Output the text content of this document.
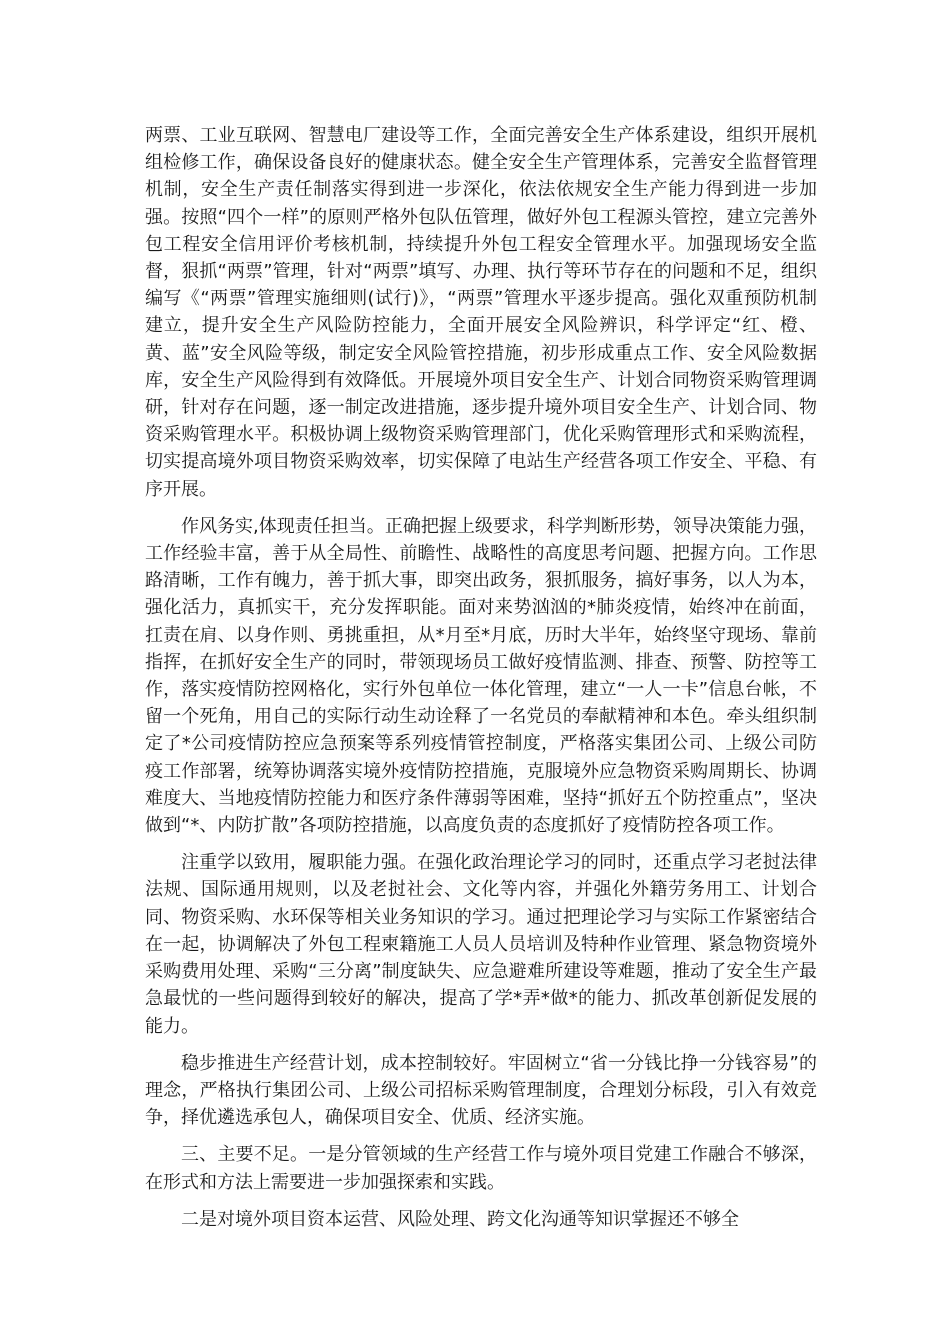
两票、工业互联网、智慧电厂建设等工作，全面完善安全生产体系建设，组织开展机组检修工作，确保设备良好的健康状态。健全安全生产管理体系，完善安全监督管理机制，安全生产责任制落实得到进一步深化，依法依规安全生产能力得到进一步加强。按照“四个一样”的原则严格外包队伍管理，做好外包工程源头管控，建立完善外包工程安全信用评价考核机制，持续提升外包工程安全管理水平。加强现场安全监督，狠抓“两票”管理，针对“两票”填写、办理、执行等环节存在的问题和不足，组织编写《“两票”管理实施细则(试行)》，“两票”管理水平逐步提高。强化双重预防机制建立，提升安全生产风险防控能力，全面开展安全风险辨识，科学评定“红、橙、黄、蓝”安全风险等级，制定安全风险管控措施，初步形成重点工作、安全风险数据库，安全生产风险得到有效降低。开展境外项目安全生产、计划合同物资采购管理调研，针对存在问题，逐一制定改进措施，逐步提升境外项目安全生产、计划合同、物资采购管理水平。积极协调上级物资采购管理部门，优化采购管理形式和采购流程，切实提高境外项目物资采购效率，切实保障了电站生产经营各项工作安全、平稳、有序开展。

作风务实,体现责任担当。正确把握上级要求，科学判断形势，领导决策能力强，工作经验丰富，善于从全局性、前瞻性、战略性的高度思考问题、把握方向。工作思路清晰，工作有魄力，善于抓大事，即突出政务，狠抓服务，搞好事务，以人为本，强化活力，真抓实干，充分发挥职能。面对来势汹汹的*肺炎疫情，始终冲在前面，扛责在肩、以身作则、勇挑重担，从*月至*月底，历时大半年，始终坚守现场、靠前指挥，在抓好安全生产的同时，带领现场员工做好疫情监测、排查、预警、防控等工作，落实疫情防控网格化，实行外包单位一体化管理，建立“一人一卡”信息台帐，不留一个死角，用自己的实际行动生动诠释了一名党员的奉献精神和本色。牵头组织制定了*公司疫情防控应急预案等系列疫情管控制度，严格落实集团公司、上级公司防疫工作部署，统筹协调落实境外疫情防控措施，克服境外应急物资采购周期长、协调难度大、当地疫情防控能力和医疗条件薄弱等困难，坚持“抓好五个防控重点”，坚决做到“*、内防扩散”各项防控措施，以高度负责的态度抓好了疫情防控各项工作。

注重学以致用，履职能力强。在强化政治理论学习的同时，还重点学习老挝法律法规、国际通用规则，以及老挝社会、文化等内容，并强化外籍劳务用工、计划合同、物资采购、水环保等相关业务知识的学习。通过把理论学习与实际工作紧密结合在一起，协调解决了外包工程柬籍施工人员人员培训及特种作业管理、紧急物资境外采购费用处理、采购“三分离”制度缺失、应急避难所建设等难题，推动了安全生产最急最忧的一些问题得到较好的解决，提高了学*弄*做*的能力、抓改革创新促发展的能力。

稳步推进生产经营计划，成本控制较好。牢固树立“省一分钱比挣一分钱容易”的理念，严格执行集团公司、上级公司招标采购管理制度，合理划分标段，引入有效竞争，择优遴选承包人，确保项目安全、优质、经济实施。

三、主要不足。一是分管领域的生产经营工作与境外项目党建工作融合不够深，在形式和方法上需要进一步加强探索和实践。

二是对境外项目资本运营、风险处理、跨文化沟通等知识掌握还不够全
